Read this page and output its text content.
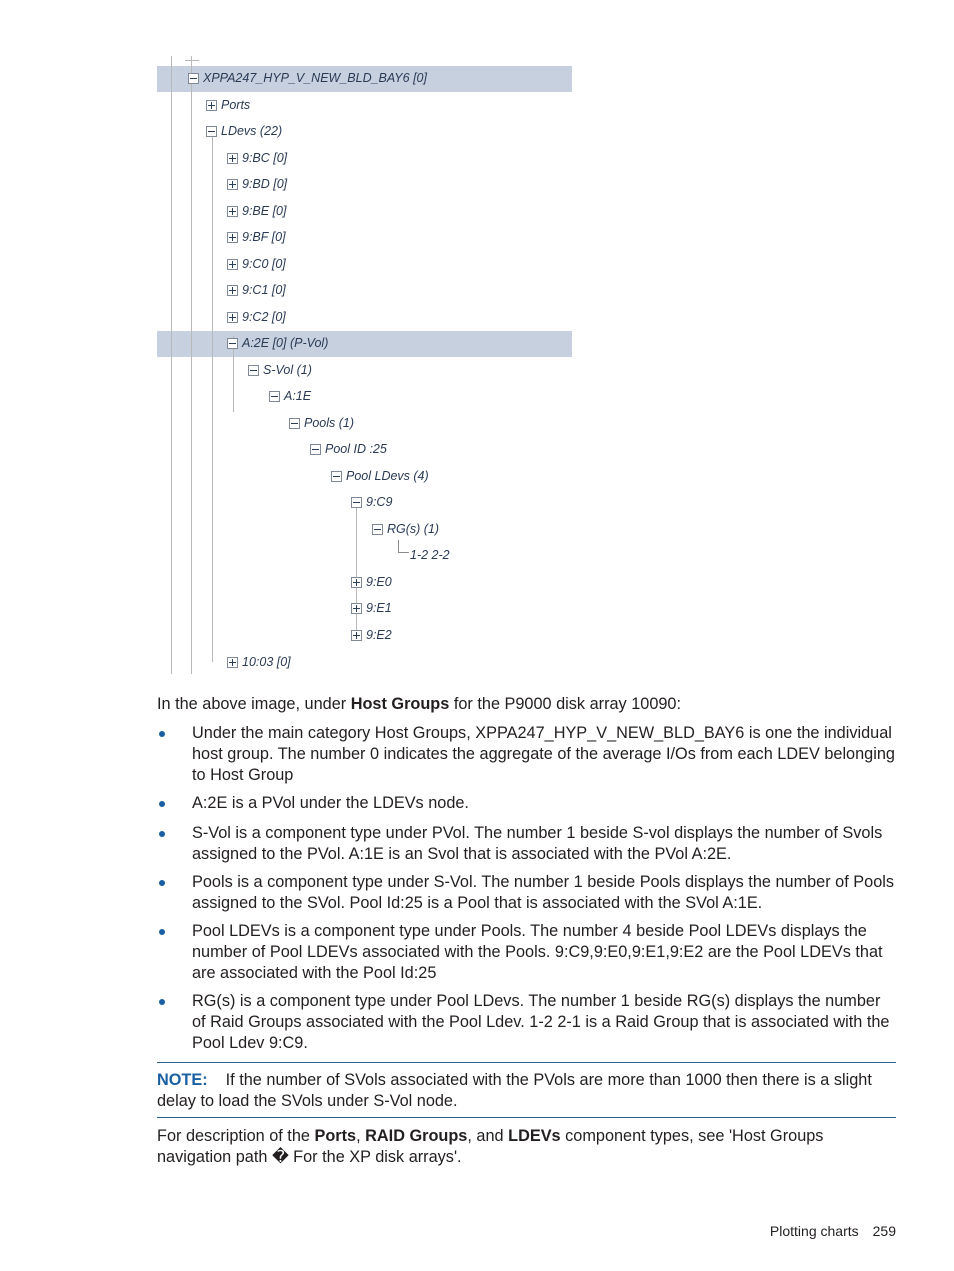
XPPA247_HYP_V_NEW_BLD_BAY6 [0]
Ports
LDevs (22)
9:BC [0]
9:BD [0]
9:BE [0]
9:BF [0]
9:C0 [0]
9:C1 [0]
9:C2 [0]
A:2E [0] (P-Vol)
S-Vol (1)
A:1E
Pools (1)
Pool ID :25
Pool LDevs (4)
9:C9
RG(s) (1)
1-2 2-2
9:E0
9:E1
9:E2
10:03 [0]
In the above image, under Host Groups for the P9000 disk array 10090:
Under the main category Host Groups, XPPA247_HYP_V_NEW_BLD_BAY6 is one the individual host group. The number 0 indicates the aggregate of the average I/Os from each LDEV belonging to Host Group
A:2E is a PVol under the LDEVs node.
S-Vol is a component type under PVol. The number 1 beside S-vol displays the number of Svols assigned to the PVol. A:1E is an Svol that is associated with the PVol A:2E.
Pools is a component type under S-Vol. The number 1 beside Pools displays the number of Pools assigned to the SVol. Pool Id:25 is a Pool that is associated with the SVol A:1E.
Pool LDEVs is a component type under Pools. The number 4 beside Pool LDEVs displays the number of Pool LDEVs associated with the Pools. 9:C9,9:E0,9:E1,9:E2 are the Pool LDEVs that are associated with the Pool Id:25
RG(s) is a component type under Pool LDevs. The number 1 beside RG(s) displays the number of Raid Groups associated with the Pool Ldev. 1-2 2-1 is a Raid Group that is associated with the Pool Ldev 9:C9.
NOTE: If the number of SVols associated with the PVols are more than 1000 then there is a slight delay to load the SVols under S-Vol node.
For description of the Ports, RAID Groups, and LDEVs component types, see 'Host Groups navigation path � For the XP disk arrays'.
Plotting charts 259
